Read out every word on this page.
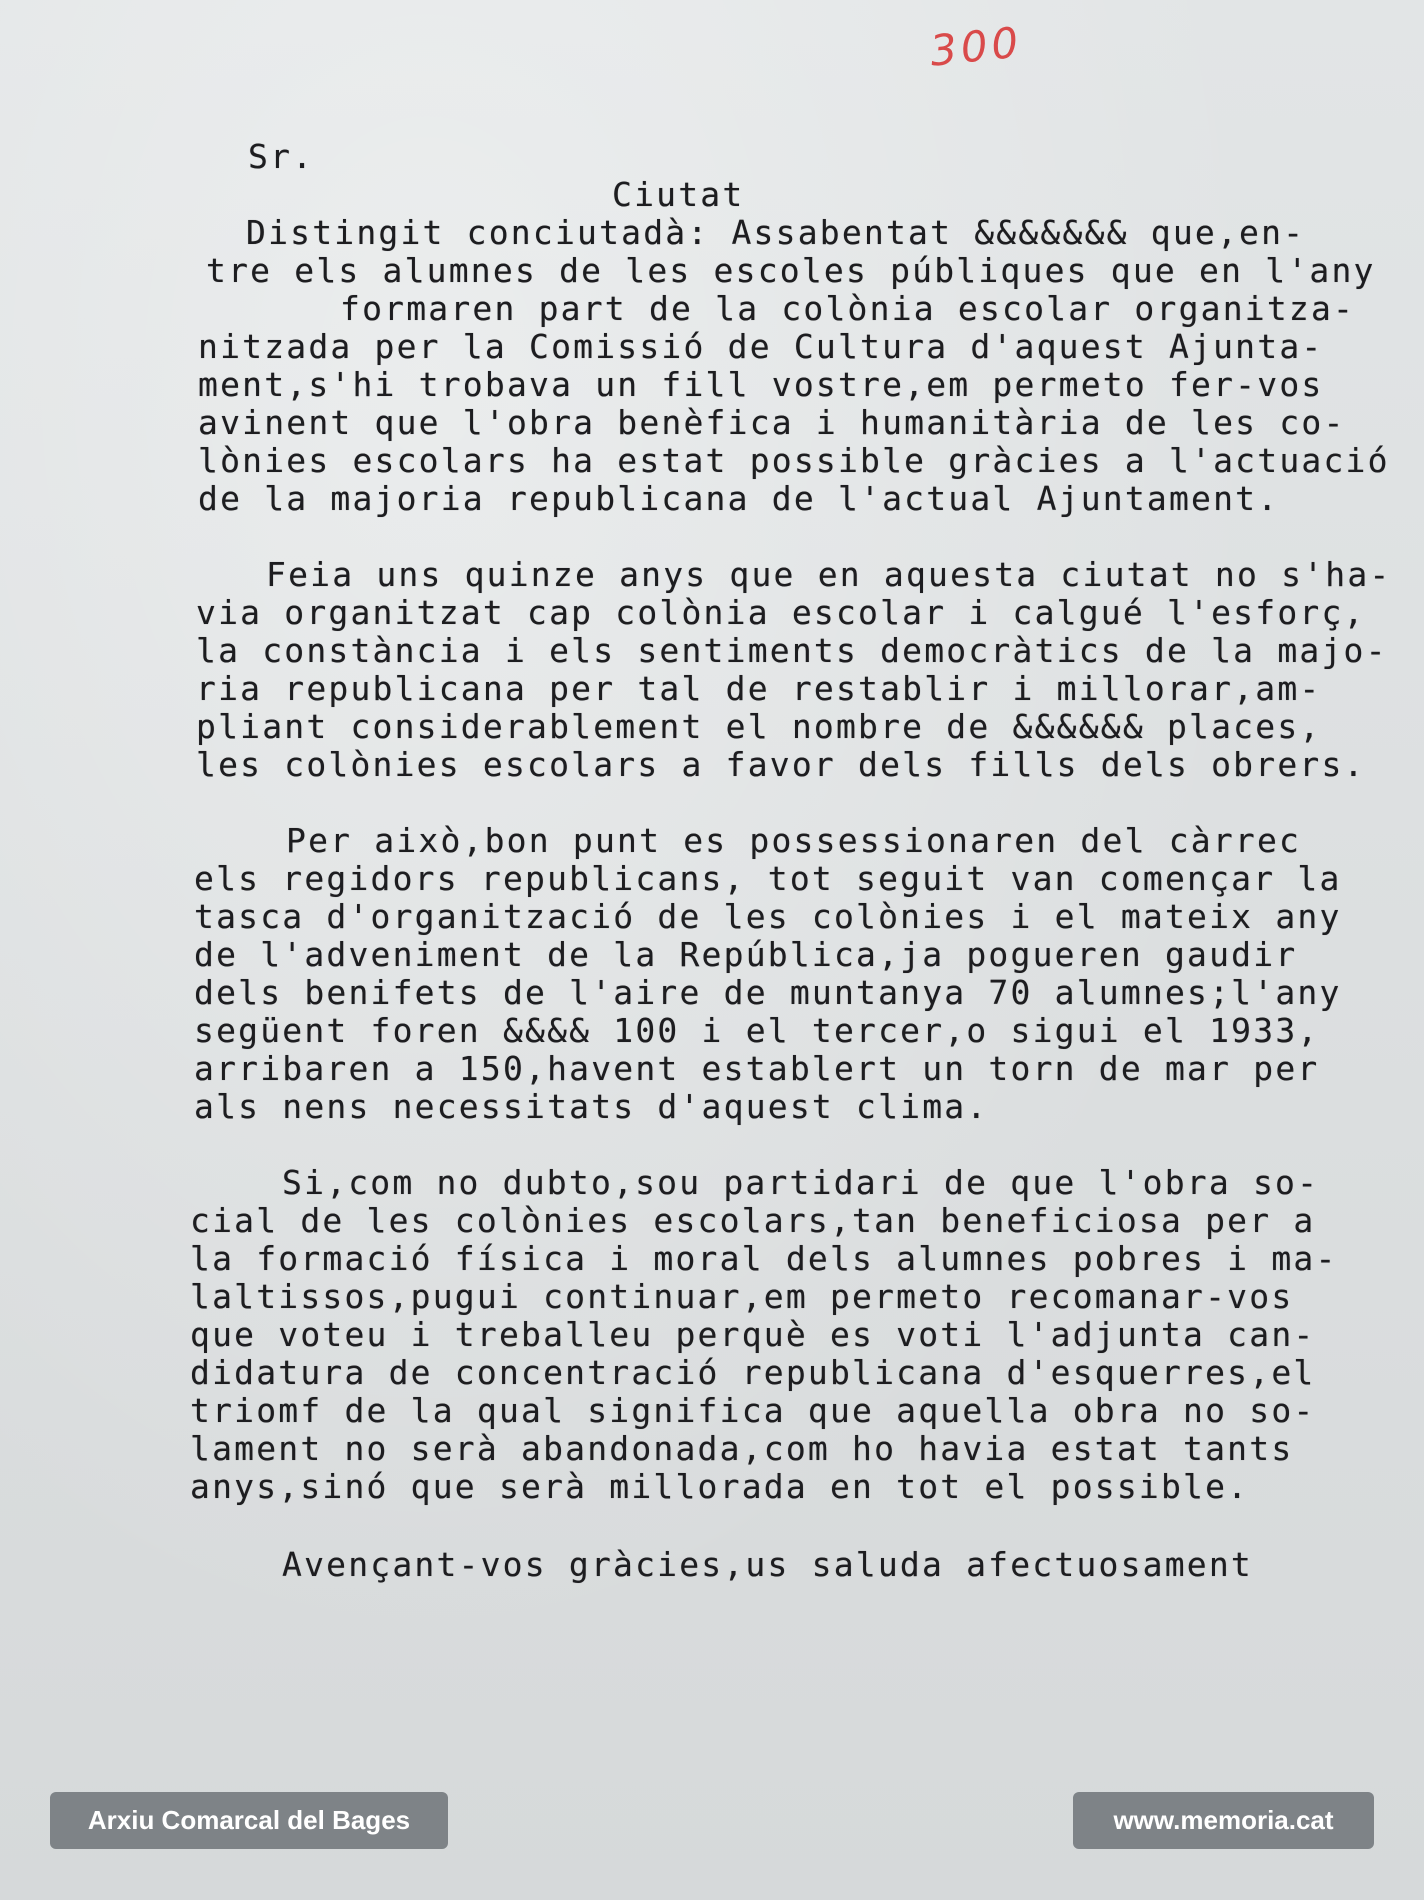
300
Sr.
Ciutat
Distingit conciutadà: Assabentat &&&&&&& que,en-
tre els alumnes de les escoles públiques que en l'any
formaren part de la colònia escolar organitza-
nitzada per la Comissió de Cultura d'aquest Ajunta-
ment,s'hi trobava un fill vostre,em permeto fer-vos
avinent que l'obra benèfica i humanitària de les co-
lònies escolars ha estat possible gràcies a l'actuació
de la majoria republicana de l'actual Ajuntament.
Feia uns quinze anys que en aquesta ciutat no s'ha-
via organitzat cap colònia escolar i calgué l'esforç,
la constància i els sentiments democràtics de la majo-
ria republicana per tal de restablir i millorar,am-
pliant considerablement el nombre de &&&&&& places,
les colònies escolars a favor dels fills dels obrers.
Per això,bon punt es possessionaren del càrrec
els regidors republicans, tot seguit van començar la
tasca d'organització de les colònies i el mateix any
de l'adveniment de la República,ja pogueren gaudir
dels benifets de l'aire de muntanya 70 alumnes;l'any
següent foren &&&& 100 i el tercer,o sigui el 1933,
arribaren a 150,havent establert un torn de mar per
als nens necessitats d'aquest clima.
Si,com no dubto,sou partidari de que l'obra so-
cial de les colònies escolars,tan beneficiosa per a
la formació física i moral dels alumnes pobres i ma-
laltissos,pugui continuar,em permeto recomanar-vos
que voteu i treballeu perquè es voti l'adjunta can-
didatura de concentració republicana d'esquerres,el
triomf de la qual significa que aquella obra no so-
lament no serà abandonada,com ho havia estat tants
anys,sinó que serà millorada en tot el possible.
Avençant-vos gràcies,us saluda afectuosament
Arxiu Comarcal del Bages	www.memoria.cat
